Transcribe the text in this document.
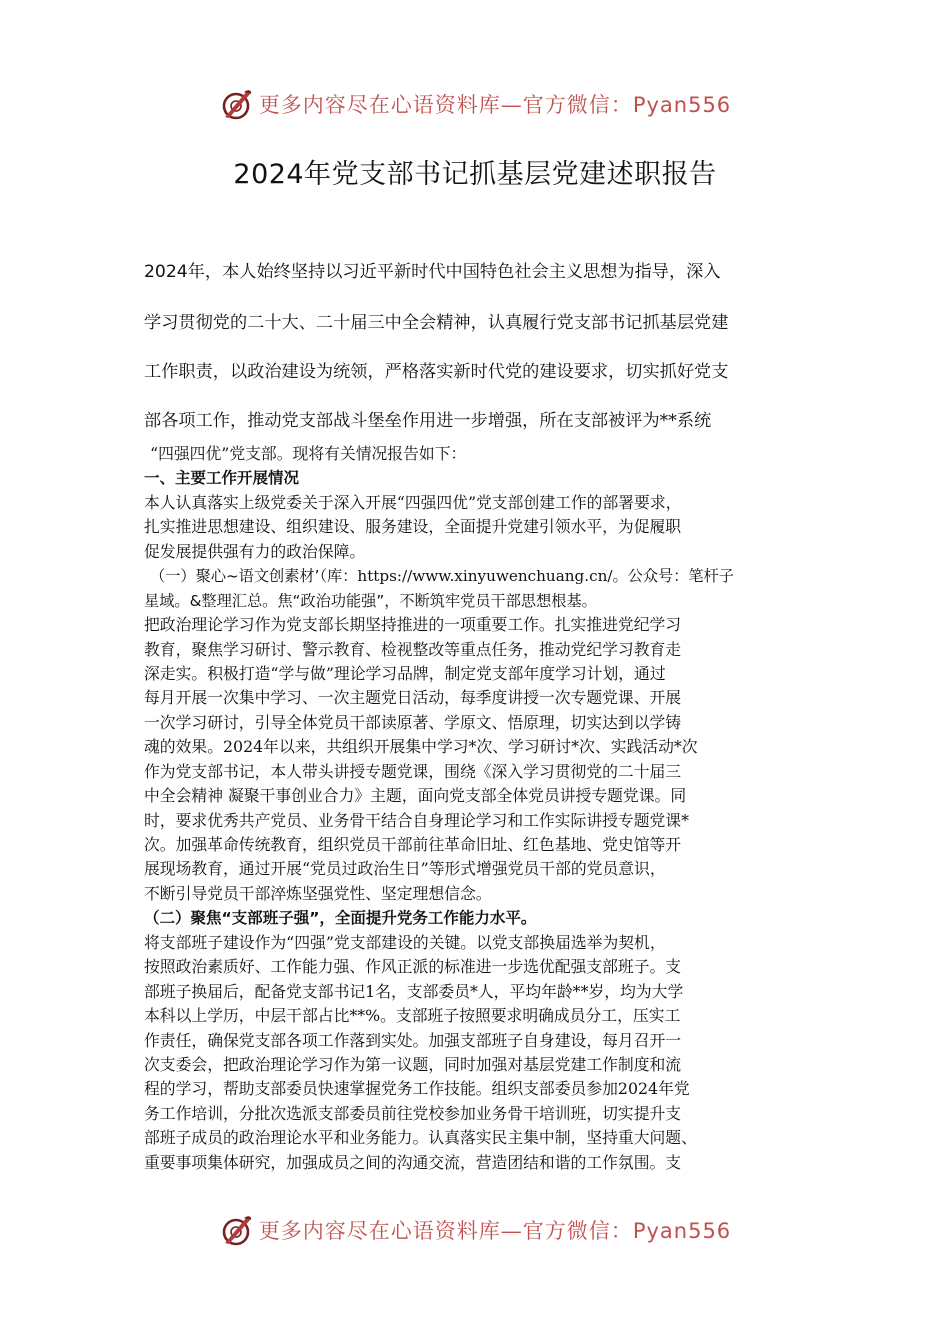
更多内容尽在心语资料库—官方微信：Pyan556
2024年党支部书记抓基层党建述职报告
2024年，本人始终坚持以习近平新时代中国特色社会主义思想为指导，深入
学习贯彻党的二十大、二十届三中全会精神，认真履行党支部书记抓基层党建
工作职责，以政治建设为统领，严格落实新时代党的建设要求，切实抓好党支
部各项工作，推动党支部战斗堡垒作用进一步增强，所在支部被评为**系统
“四强四优”党支部。现将有关情况报告如下：
一、主要工作开展情况
本人认真落实上级党委关于深入开展“四强四优”党支部创建工作的部署要求，
扎实推进思想建设、组织建设、服务建设，全面提升党建引领水平，为促履职
促发展提供强有力的政治保障。
（一）聚心~语文创素材’（库：https://www.xinyuwenchuang.cn/。公众号：笔杆子
星域。&整理汇总。焦“政治功能强”，不断筑牢党员干部思想根基。
把政治理论学习作为党支部长期坚持推进的一项重要工作。扎实推进党纪学习
教育，聚焦学习研讨、警示教育、检视整改等重点任务，推动党纪学习教育走
深走实。积极打造“学与做”理论学习品牌，制定党支部年度学习计划，通过
每月开展一次集中学习、一次主题党日活动，每季度讲授一次专题党课、开展
一次学习研讨，引导全体党员干部读原著、学原文、悟原理，切实达到以学铸
魂的效果。2024年以来，共组织开展集中学习*次、学习研讨*次、实践活动*次
作为党支部书记，本人带头讲授专题党课，围绕《深入学习贯彻党的二十届三
中全会精神 凝聚干事创业合力》主题，面向党支部全体党员讲授专题党课。同
时，要求优秀共产党员、业务骨干结合自身理论学习和工作实际讲授专题党课*
次。加强革命传统教育，组织党员干部前往革命旧址、红色基地、党史馆等开
展现场教育，通过开展“党员过政治生日”等形式增强党员干部的党员意识，
不断引导党员干部淬炼坚强党性、坚定理想信念。
（二）聚焦“支部班子强”，全面提升党务工作能力水平。
将支部班子建设作为“四强”党支部建设的关键。以党支部换届选举为契机，
按照政治素质好、工作能力强、作风正派的标准进一步选优配强支部班子。支
部班子换届后，配备党支部书记1名，支部委员*人，平均年龄**岁，均为大学
本科以上学历，中层干部占比**%。支部班子按照要求明确成员分工，压实工
作责任，确保党支部各项工作落到实处。加强支部班子自身建设，每月召开一
次支委会，把政治理论学习作为第一议题，同时加强对基层党建工作制度和流
程的学习，帮助支部委员快速掌握党务工作技能。组织支部委员参加2024年党
务工作培训，分批次选派支部委员前往党校参加业务骨干培训班，切实提升支
部班子成员的政治理论水平和业务能力。认真落实民主集中制，坚持重大问题、
重要事项集体研究，加强成员之间的沟通交流，营造团结和谐的工作氛围。支
更多内容尽在心语资料库—官方微信：Pyan556
